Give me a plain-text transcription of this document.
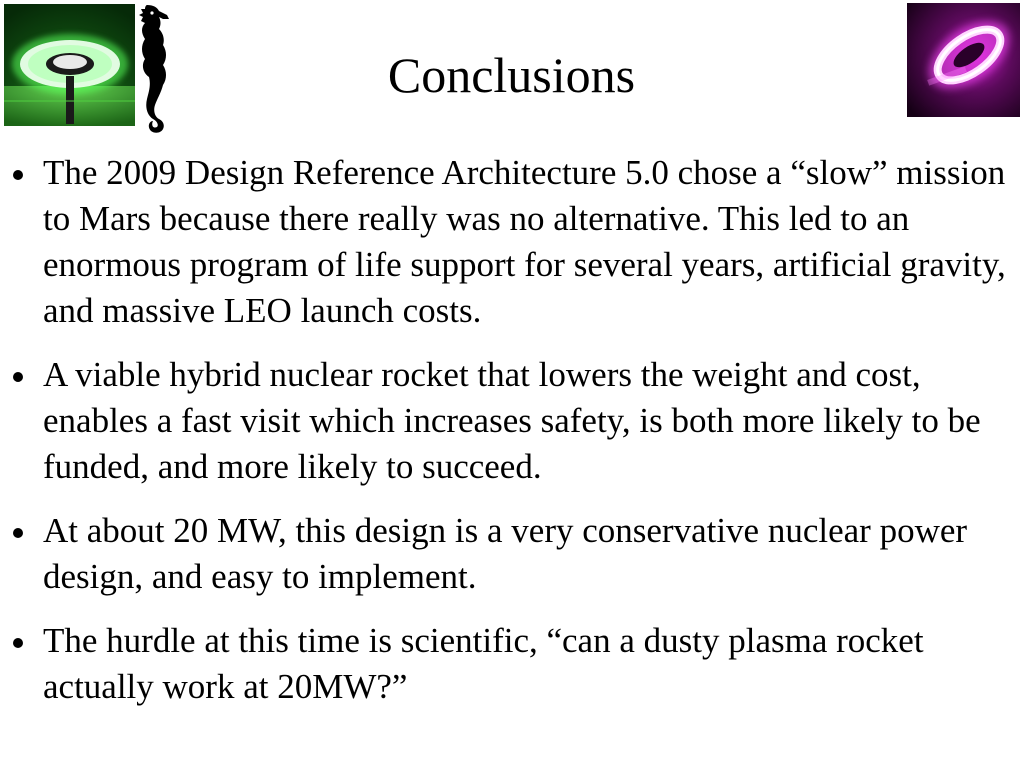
Conclusions
The 2009 Design Reference Architecture 5.0 chose a “slow” mission to Mars because there really was no alternative. This led to an enormous program of life support for several years, artificial gravity, and massive LEO launch costs.
A viable hybrid nuclear rocket that lowers the weight and cost, enables a fast visit which increases safety, is both more likely to be funded, and more likely to succeed.
At about 20 MW, this design is a very conservative nuclear power design, and easy to implement.
The hurdle at this time is scientific, “can a dusty plasma rocket actually work at 20MW?”
